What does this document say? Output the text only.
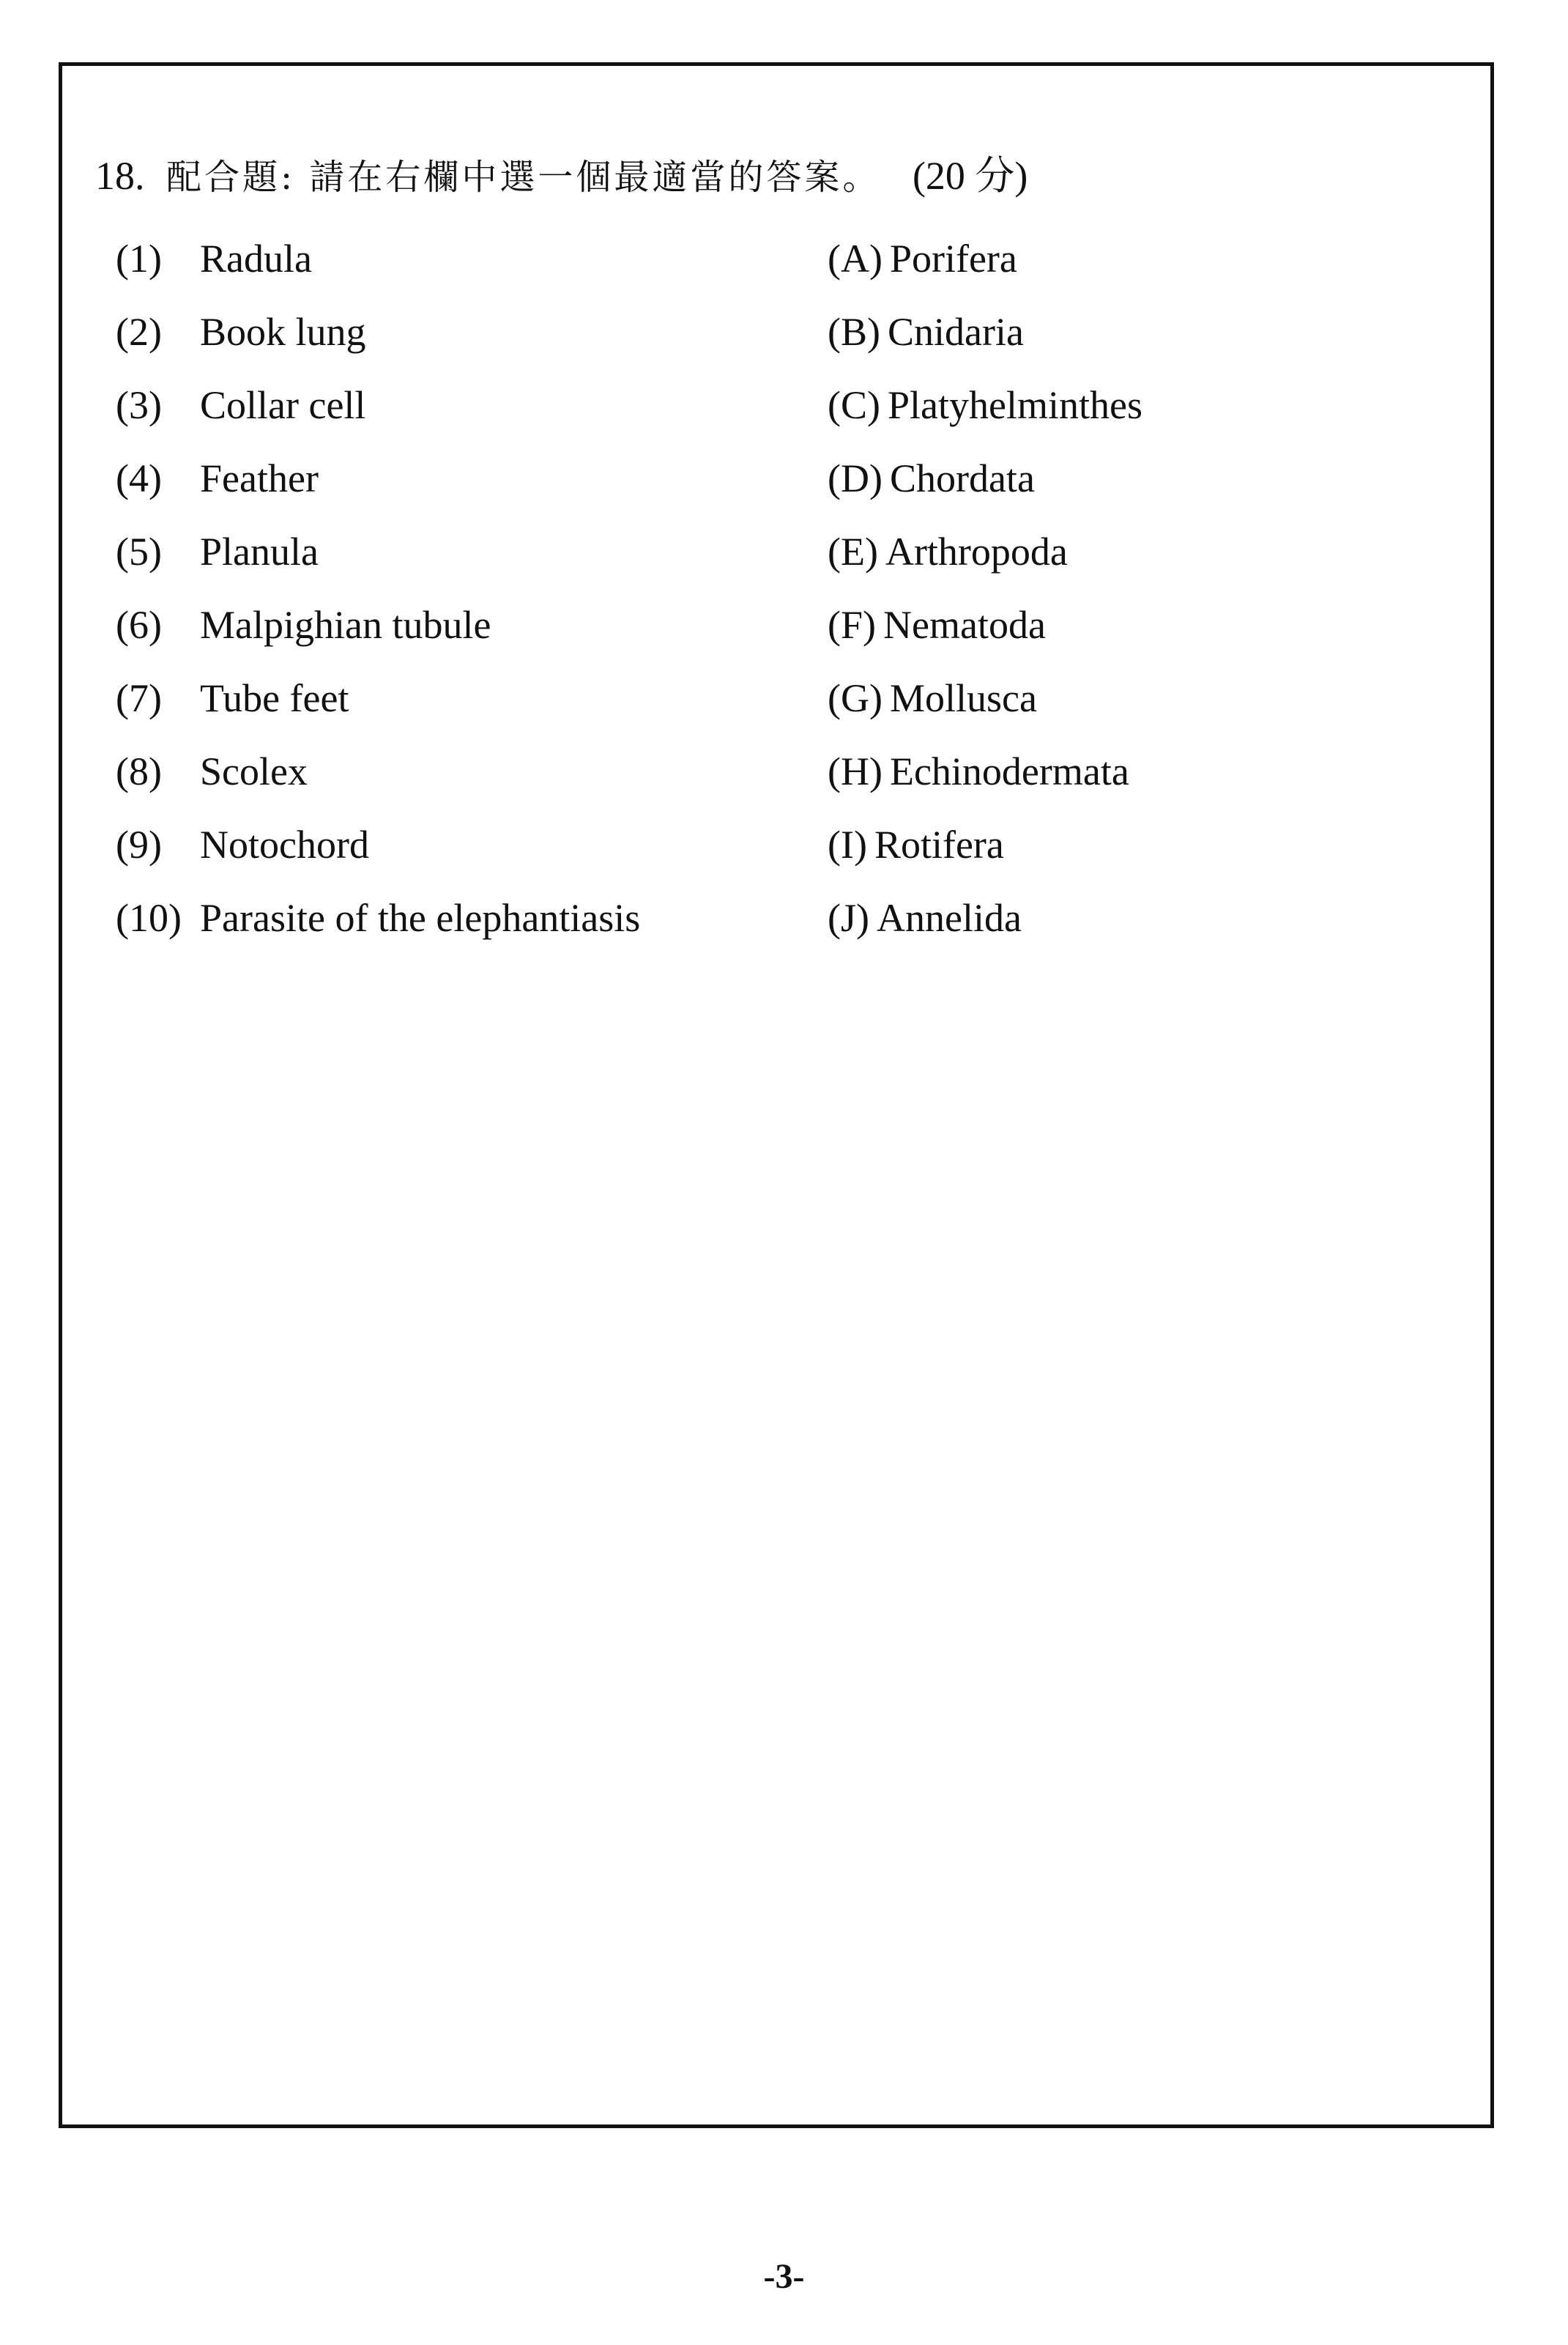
18. 配合題: 請在右欄中選一個最適當的答案。 (20 分)
(1) Radula
(2) Book lung
(3) Collar cell
(4) Feather
(5) Planula
(6) Malpighian tubule
(7) Tube feet
(8) Scolex
(9) Notochord
(10) Parasite of the elephantiasis
(A) Porifera
(B) Cnidaria
(C) Platyhelminthes
(D) Chordata
(E) Arthropoda
(F) Nematoda
(G) Mollusca
(H) Echinodermata
(I) Rotifera
(J) Annelida
-3-
